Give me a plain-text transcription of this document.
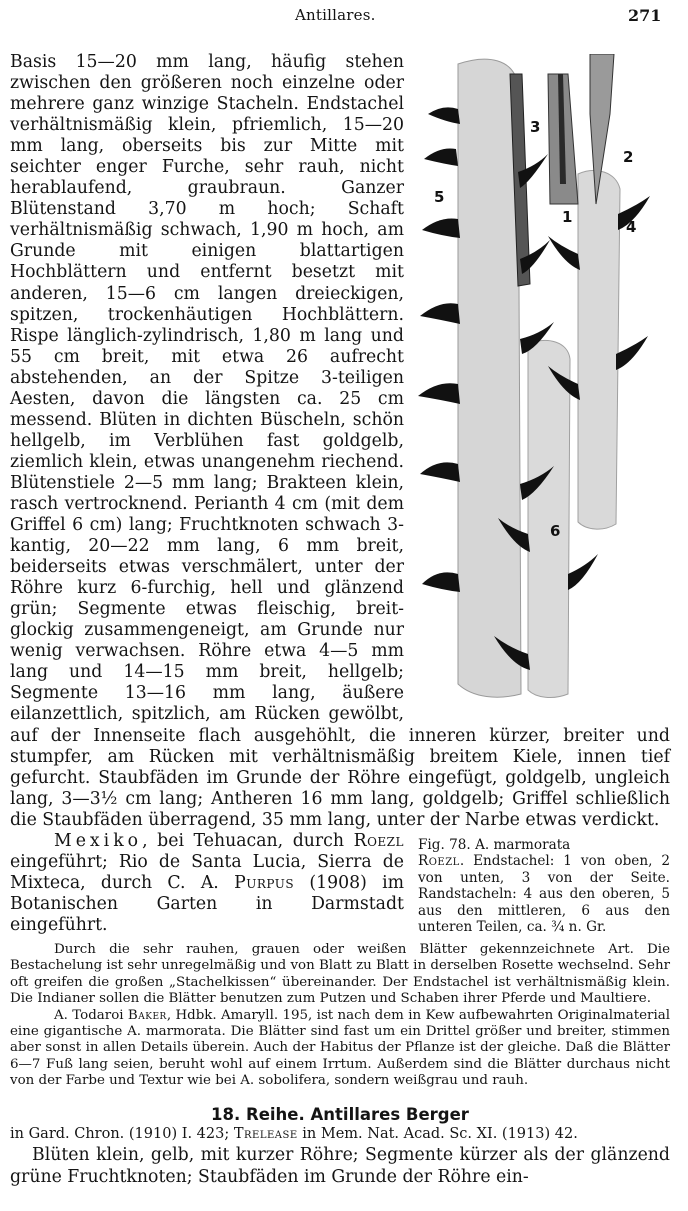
Antillares.	271
1
2
3
4
5
6

Basis 15—20 mm lang, häufig stehen zwischen den größeren noch einzelne oder mehrere ganz winzige Stacheln. Endstachel verhältnismäßig klein, pfriemlich, 15—20 mm lang, oberseits bis zur Mitte mit seichter enger Furche, sehr rauh, nicht herablaufend, graubraun. Ganzer Blütenstand 3,70 m hoch; Schaft verhältnismäßig schwach, 1,90 m hoch, am Grunde mit einigen blattartigen Hochblättern und entfernt besetzt mit anderen, 15—6 cm langen dreieckigen, spitzen, trockenhäutigen Hochblättern. Rispe länglich-zylindrisch, 1,80 m lang und 55 cm breit, mit etwa 26 aufrecht abstehenden, an der Spitze 3-teiligen Aesten, davon die längsten ca. 25 cm messend. Blüten in dichten Büscheln, schön hellgelb, im Verblühen fast goldgelb, ziemlich klein, etwas unangenehm riechend. Blütenstiele 2—5 mm lang; Brakteen klein, rasch vertrocknend. Perianth 4 cm (mit dem Griffel 6 cm) lang; Fruchtknoten schwach 3-kantig, 20—22 mm lang, 6 mm breit, beiderseits etwas verschmälert, unter der Röhre kurz 6-furchig, hell und glänzend grün; Segmente etwas fleischig, breit-glockig zusammengeneigt, am Grunde nur wenig verwachsen. Röhre etwa 4—5 mm lang und 14—15 mm breit, hellgelb; Segmente 13—16 mm lang, äußere eilanzettlich, spitzlich, am Rücken gewölbt, auf der Innenseite flach ausgehöhlt, die inneren kürzer, breiter und stumpfer, am Rücken mit verhältnismäßig breitem Kiele, innen tief gefurcht. Staubfäden im Grunde der Röhre eingefügt, goldgelb, ungleich lang, 3—3½ cm lang; Antheren 16 mm lang, goldgelb; Griffel schließlich die Staubfäden überragend, 35 mm lang, unter der Narbe etwas verdickt.

Fig. 78. A. marmorata
Roezl. Endstachel: 1 von oben, 2 von unten, 3 von der Seite. Randstacheln: 4 aus den oberen, 5 aus den mittleren, 6 aus den unteren Teilen, ca. ¾ n. Gr.

Mexiko, bei Tehuacan, durch Roezl eingeführt; Rio de Santa Lucia, Sierra de Mixteca, durch C. A. Purpus (1908) im Botanischen Garten in Darmstadt eingeführt.

Durch die sehr rauhen, grauen oder weißen Blätter gekennzeichnete Art. Die Bestachelung ist sehr unregelmäßig und von Blatt zu Blatt in derselben Rosette wechselnd. Sehr oft greifen die großen „Stachelkissen“ übereinander. Der Endstachel ist verhältnismäßig klein. Die Indianer sollen die Blätter benutzen zum Putzen und Schaben ihrer Pferde und Maultiere.

A. Todaroi Baker, Hdbk. Amaryll. 195, ist nach dem in Kew aufbewahrten Originalmaterial eine gigantische A. marmorata. Die Blätter sind fast um ein Drittel größer und breiter, stimmen aber sonst in allen Details überein. Auch der Habitus der Pflanze ist der gleiche. Daß die Blätter 6—7 Fuß lang seien, beruht wohl auf einem Irrtum. Außerdem sind die Blätter durchaus nicht von der Farbe und Textur wie bei A. sobolifera, sondern weißgrau und rauh.

18. Reihe. Antillares Berger

in Gard. Chron. (1910) I. 423; Trelease in Mem. Nat. Acad. Sc. XI. (1913) 42.

Blüten klein, gelb, mit kurzer Röhre; Segmente kürzer als der glänzend grüne Fruchtknoten; Staubfäden im Grunde der Röhre ein-
